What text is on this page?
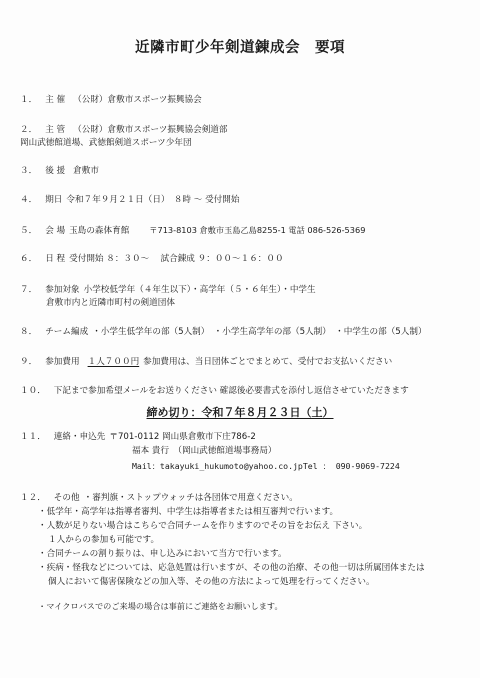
近隣市町少年剣道錬成会　要項
１． 主 催 （公財）倉敷市スポーツ振興協会
２． 主 管 （公財）倉敷市スポーツ振興協会剣道部
岡山武徳館道場、武徳館剣道スポーツ少年団
３． 後 援 倉敷市
４． 期日 令和７年９月２１日（日）　８時 〜 受付開始
５． 会 場 玉島の森体育館 〒713-8103 倉敷市玉島乙島8255-1 電話 086-526-5369
６． 日 程 受付開始 ８：３０〜　 試合錬成 ９：００〜１６：００
７． 参加対象 小学校低学年（４年生以下）・高学年（５・６年生）・中学生
倉敷市内と近隣市町村の剣道団体
８． チーム編成 ・小学生低学年の部（5人制）　・小学生高学年の部（5人制）　・中学生の部（5人制）
９． 参加費用 １人７００円 参加費用は、当日団体ごとでまとめて、受付でお支払いください
１０． 下記まで参加希望メールをお送りください 確認後必要書式を添付し返信させていただきます
締め切り：令和７年８月２３日（土）
１１． 連絡・申込先 〒701-0112 岡山県倉敷市下庄786-2
福本 貴行　（岡山武徳館道場事務局）
Mail：takayuki_hukumoto@yahoo.co.jpTel ： 090-9069-7224
１２． その他 ・審判旗・ストップウォッチは各団体で用意ください。
・低学年・高学年は指導者審判、中学生は指導者または相互審判で行います。
・人数が足りない場合はこちらで合同チームを作りますのでその旨をお伝え 下さい。
１人からの参加も可能です。
・合同チームの割り振りは、申し込みにおいて当方で行います。
・疾病・怪我などについては、応急処置は行いますが、その他の治療、その他一切は所属団体または
個人において傷害保険などの加入等、その他の方法によって処理を行ってください。
・マイクロバスでのご来場の場合は事前にご連絡をお願いします。
